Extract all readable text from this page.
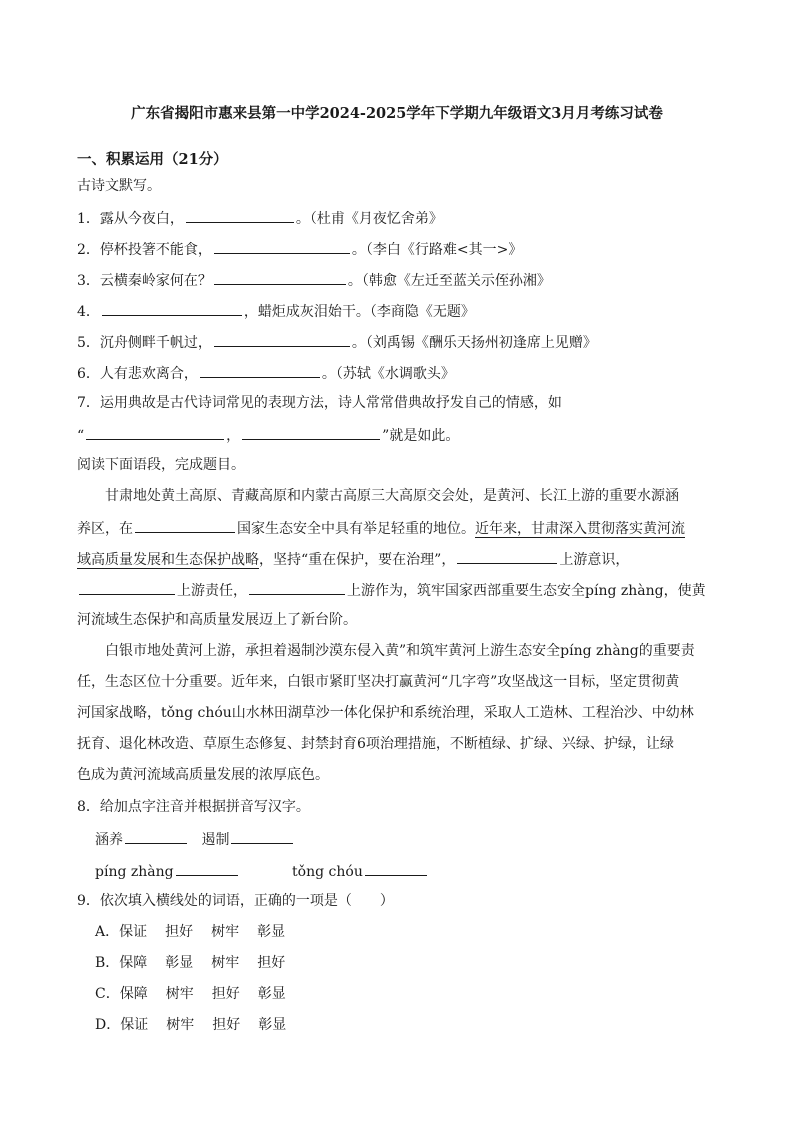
广东省揭阳市惠来县第一中学2024-2025学年下学期九年级语文3月月考练习试卷
一、积累运用（21分）
古诗文默写。
1．露从今夜白，	。（杜甫《月夜忆舍弟》
2．停杯投箸不能食，	。（李白《行路难<其一>》
3．云横秦岭家何在？	。（韩愈《左迁至蓝关示侄孙湘》
4．	，蜡炬成灰泪始干。（李商隐《无题》
5．沉舟侧畔千帆过，	。（刘禹锡《酬乐天扬州初逢席上见赠》
6．人有悲欢离合，	。（苏轼《水调歌头》
7．运用典故是古代诗词常见的表现方法，诗人常常借典故抒发自己的情感，如
“	，	”就是如此。
阅读下面语段，完成题目。
甘肃地处黄土高原、青藏高原和内蒙古高原三大高原交会处，是黄河、长江上游的重要水源涵
养区，在	国家生态安全中具有举足轻重的地位。近年来，甘肃深入贯彻落实黄河流
域高质量发展和生态保护战略，坚持“重在保护，要在治理”，	上游意识，
上游责任，	上游作为，筑牢国家西部重要生态安全píng zhàng，使黄
河流域生态保护和高质量发展迈上了新台阶。
白银市地处黄河上游，承担着遏制沙漠东侵入黄”和筑牢黄河上游生态安全píng zhàng的重要责
任，生态区位十分重要。近年来，白银市紧盯坚决打赢黄河“几字弯”攻坚战这一目标，坚定贯彻黄
河国家战略，tǒng chóu山水林田湖草沙一体化保护和系统治理，采取人工造林、工程治沙、中幼林
抚育、退化林改造、草原生态修复、封禁封育6项治理措施，不断植绿、扩绿、兴绿、护绿，让绿
色成为黄河流域高质量发展的浓厚底色。
8．给加点字注音并根据拼音写汉字。
涵养	遏制
píng zhàng	tǒng chóu
9．依次填入横线处的词语，正确的一项是（　　）
A．保证 担好 树牢 彰显
B．保障 彰显 树牢 担好
C．保障 树牢 担好 彰显
D．保证 树牢 担好 彰显
